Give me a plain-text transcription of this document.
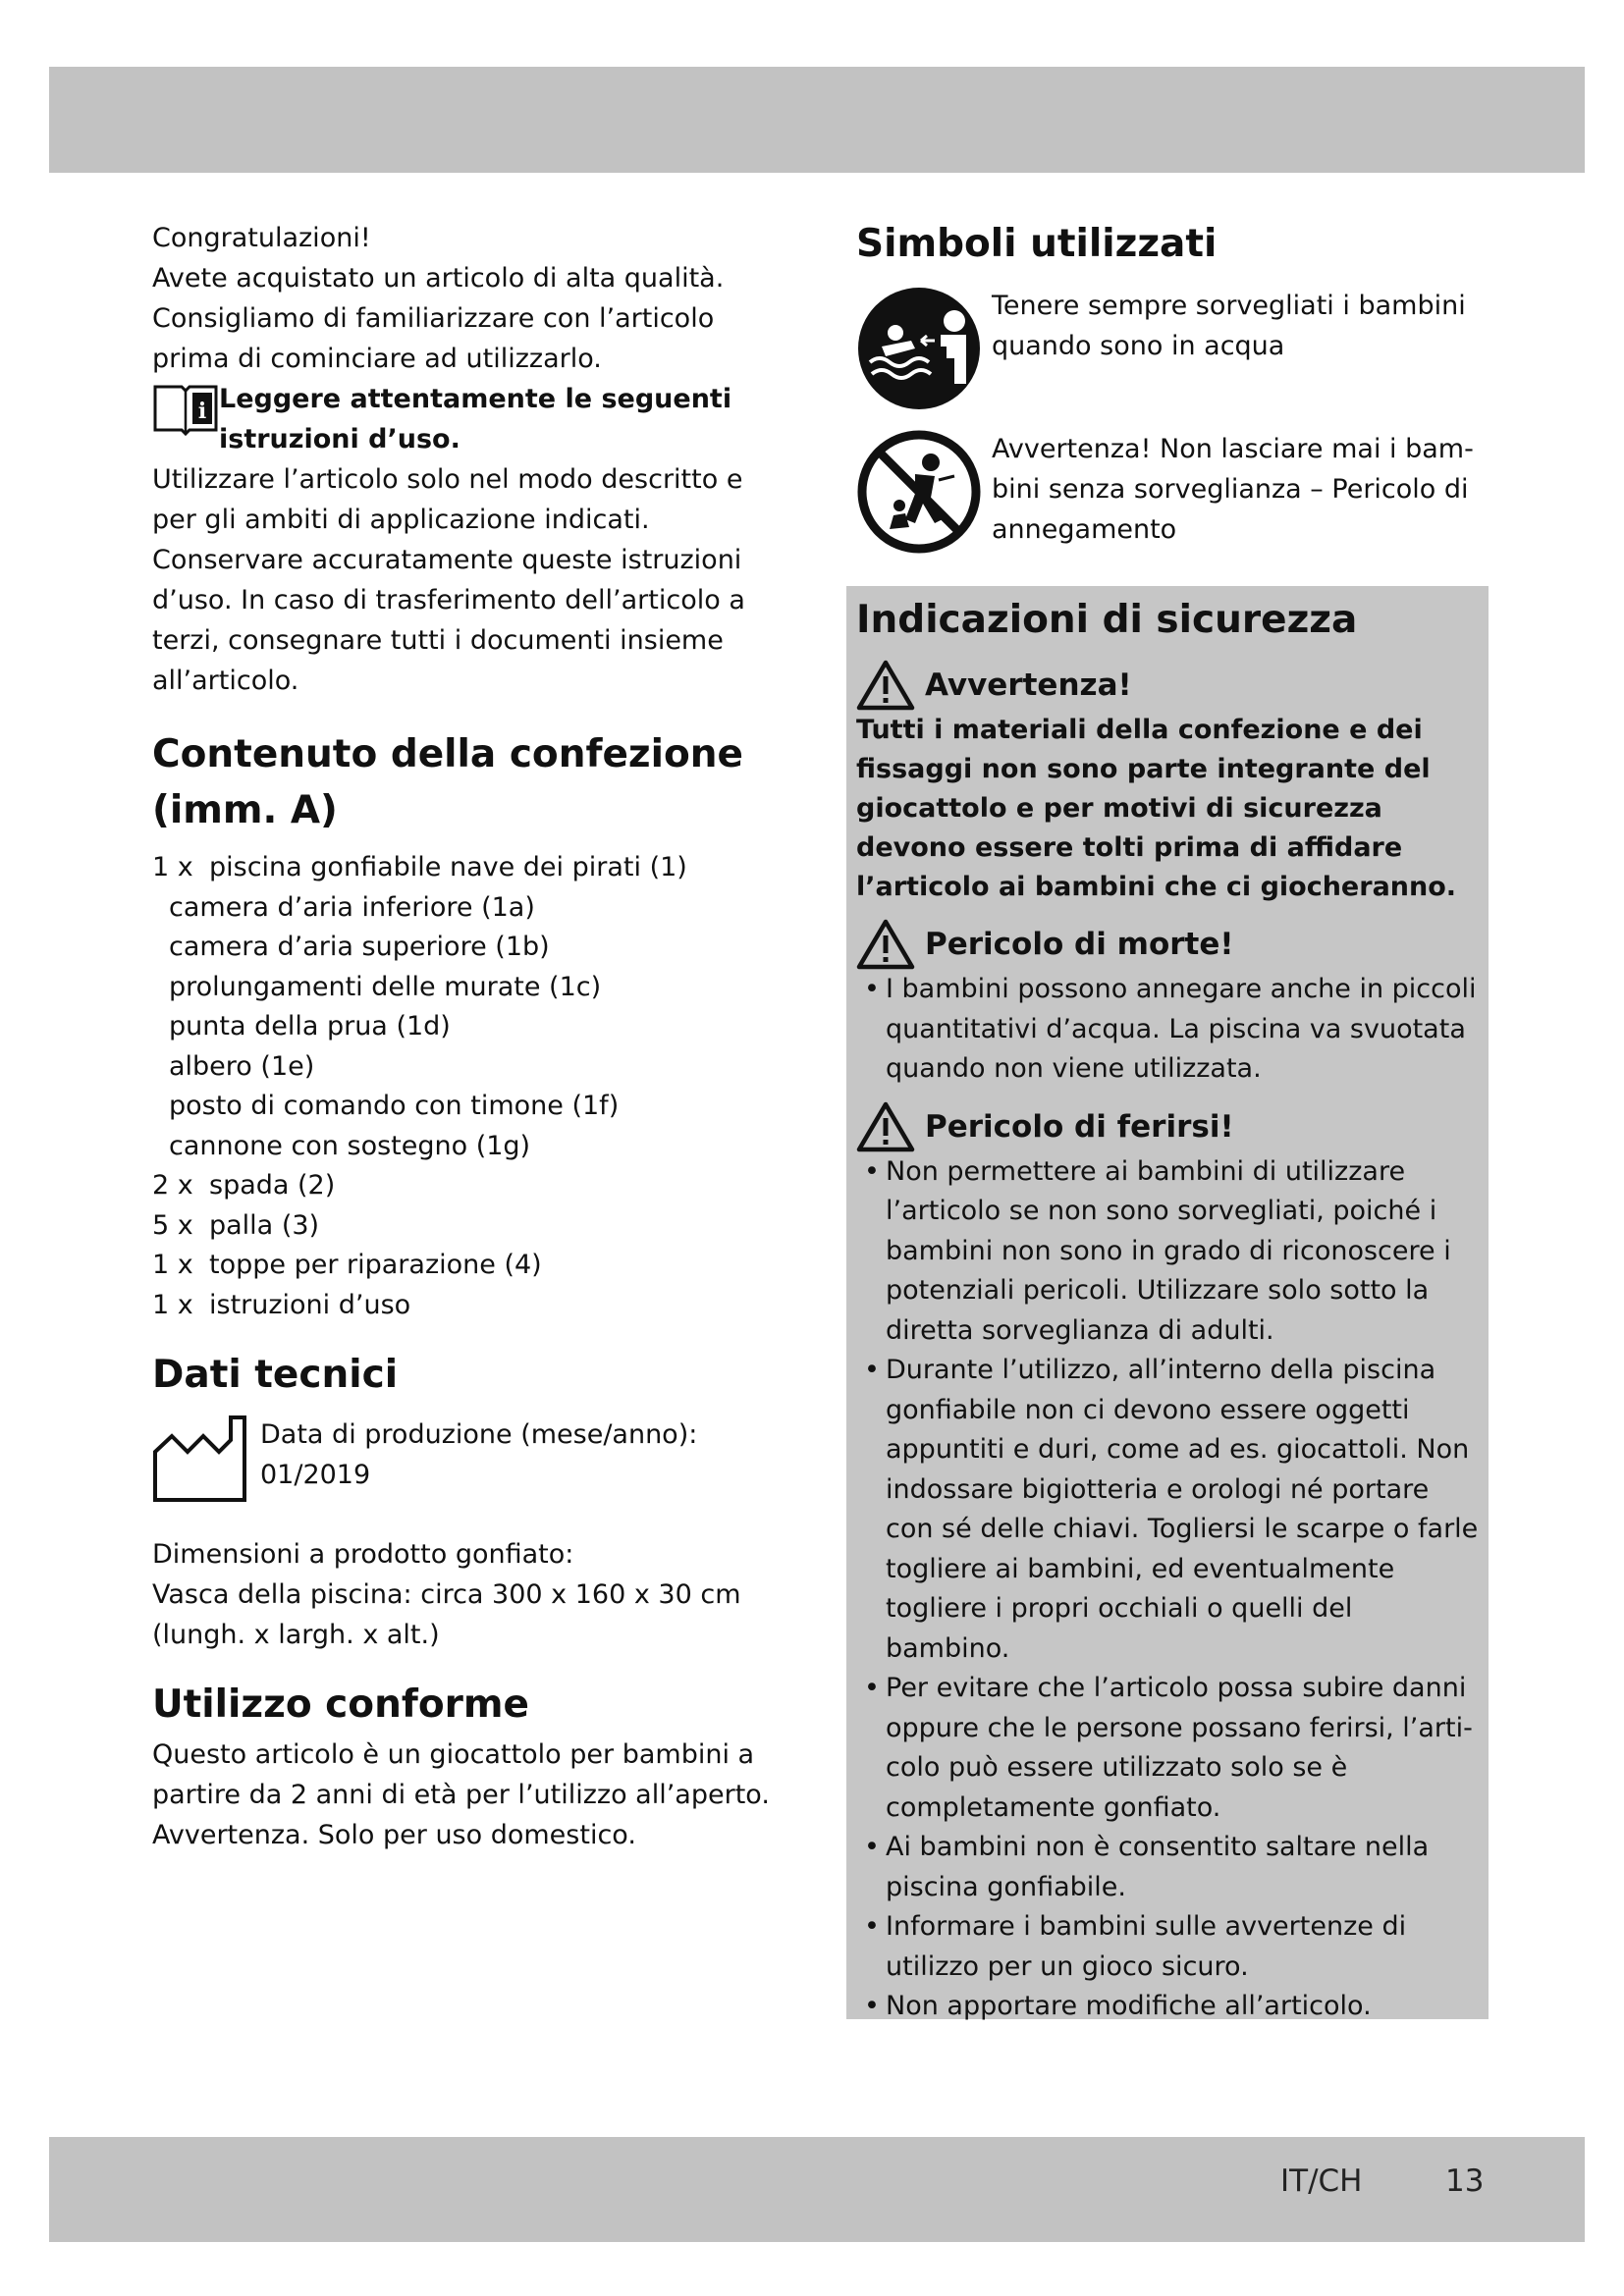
Congratulazioni!

Avete acquistato un articolo di alta qualità.

Consigliamo di familiarizzare con l’articolo

prima di cominciare ad utilizzarlo.

i Leggere attentamente le seguenti
istruzioni d’uso.

Utilizzare l’articolo solo nel modo descritto e per gli ambiti di applicazione indicati. Conservare accuratamente queste istruzioni d’uso. In caso di trasferimento dell’articolo a terzi, consegnare tutti i documenti insieme all’articolo.

Contenuto della confezione
(imm. A)
1 x piscina gonfiabile nave dei pirati (1)
camera d’aria inferiore (1a)
camera d’aria superiore (1b)
prolungamenti delle murate (1c)
punta della prua (1d)
albero (1e)
posto di comando con timone (1f)
cannone con sostegno (1g)
2 x spada (2)
5 x palla (3)
1 x toppe per riparazione (4)
1 x istruzioni d’uso
Dati tecnici
Data di produzione (mese/anno):
01/2019

Dimensioni a prodotto gonfiato:

Vasca della piscina: circa 300 x 160 x 30 cm

(lungh. x largh. x alt.)

Utilizzo conforme

Questo articolo è un giocattolo per bambini a partire da 2 anni di età per l’utilizzo all’aperto. Avvertenza. Solo per uso domestico.

Simboli utilizzati
Tenere sempre sorvegliati i bambini
quando sono in acqua
Avvertenza! Non lasciare mai i bam-
bini senza sorveglianza – Pericolo di
annegamento
Indicazioni di sicurezza
Avvertenza!

Tutti i materiali della confezione e dei fissaggi non sono parte integrante del giocattolo e per motivi di sicurezza devono essere tolti prima di affidare l’articolo ai bambini che ci giocheranno.

Pericolo di morte!
• I bambini possono annegare anche in piccoli quantitativi d’acqua. La piscina va svuotata quando non viene utilizzata.
Pericolo di ferirsi!
• Non permettere ai bambini di utilizzare l’articolo se non sono sorvegliati, poiché i bambini non sono in grado di riconoscere i potenziali pericoli. Utilizzare solo sotto la diretta sorveglianza di adulti.
• Durante l’utilizzo, all’interno della piscina gonfiabile non ci devono essere oggetti appuntiti e duri, come ad es. giocattoli. Non indossare bigiotteria e orologi né portare con sé delle chiavi. Togliersi le scarpe o farle togliere ai bambini, ed eventualmente togliere i propri occhiali o quelli del bambino.
• Per evitare che l’articolo possa subire danni oppure che le persone possano ferirsi, l’articolo può essere utilizzato solo se è completamente gonfiato.
• Ai bambini non è consentito saltare nella piscina gonfiabile.
• Informare i bambini sulle avvertenze di utilizzo per un gioco sicuro.
• Non apportare modifiche all’articolo.
IT/CH	13
